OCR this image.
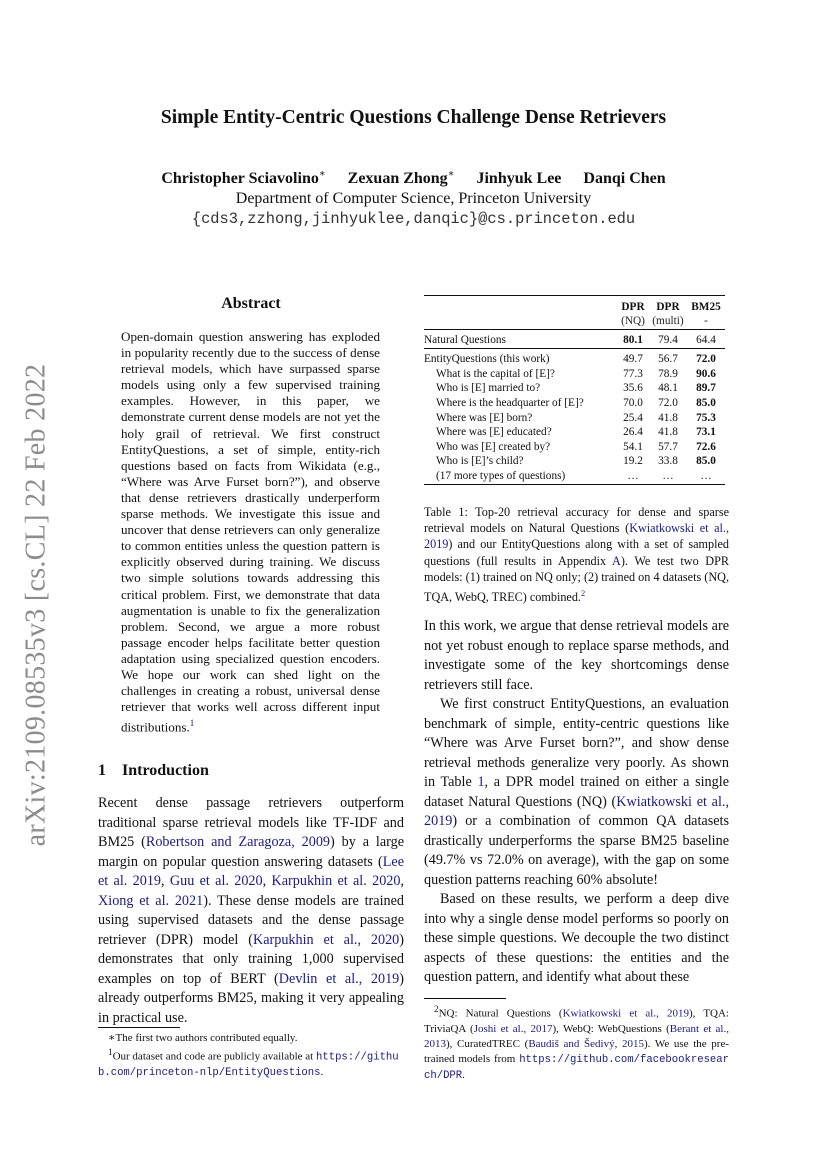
arXiv:2109.08535v3 [cs.CL] 22 Feb 2022
Simple Entity-Centric Questions Challenge Dense Retrievers
Christopher Sciavolino∗ Zexuan Zhong∗ Jinhyuk Lee Danqi Chen
Department of Computer Science, Princeton University
{cds3,zzhong,jinhyuklee,danqic}@cs.princeton.edu
Abstract
Open-domain question answering has exploded in popularity recently due to the success of dense retrieval models, which have surpassed sparse models using only a few supervised training examples. However, in this paper, we demonstrate current dense models are not yet the holy grail of retrieval. We first construct EntityQuestions, a set of simple, entity-rich questions based on facts from Wikidata (e.g., “Where was Arve Furset born?”), and observe that dense retrievers drastically underperform sparse methods. We investigate this issue and uncover that dense retrievers can only generalize to common entities unless the question pattern is explicitly observed during training. We discuss two simple solutions towards addressing this critical problem. First, we demonstrate that data augmentation is unable to fix the generalization problem. Second, we argue a more robust passage encoder helps facilitate better question adaptation using specialized question encoders. We hope our work can shed light on the challenges in creating a robust, universal dense retriever that works well across different input distributions.$^1$
1 Introduction
Recent dense passage retrievers outperform traditional sparse retrieval models like TF-IDF and BM25 (Robertson and Zaragoza, 2009) by a large margin on popular question answering datasets (Lee et al. 2019, Guu et al. 2020, Karpukhin et al. 2020, Xiong et al. 2021). These dense models are trained using supervised datasets and the dense passage retriever (DPR) model (Karpukhin et al., 2020) demonstrates that only training 1,000 supervised examples on top of BERT (Devlin et al., 2019) already outperforms BM25, making it very appealing in practical use.
∗The first two authors contributed equally.
$^1$Our dataset and code are publicly available at https://github.com/princeton-nlp/EntityQuestions.

	DPR	DPR	BM25
	(NQ)	(multi)	-

Natural Questions	80.1	79.4	64.4

EntityQuestions (this work)	49.7	56.7	72.0
What is the capital of [E]?	77.3	78.9	90.6
Who is [E] married to?	35.6	48.1	89.7
Where is the headquarter of [E]?	70.0	72.0	85.0
Where was [E] born?	25.4	41.8	75.3
Where was [E] educated?	26.4	41.8	73.1
Who was [E] created by?	54.1	57.7	72.6
Who is [E]’s child?	19.2	33.8	85.0
(17 more types of questions)	…	…	…

Table 1: Top-20 retrieval accuracy for dense and sparse retrieval models on Natural Questions (Kwiatkowski et al., 2019) and our EntityQuestions along with a set of sampled questions (full results in Appendix A). We test two DPR models: (1) trained on NQ only; (2) trained on 4 datasets (NQ, TQA, WebQ, TREC) combined.$^2$

In this work, we argue that dense retrieval models are not yet robust enough to replace sparse methods, and investigate some of the key shortcomings dense retrievers still face.

We first construct EntityQuestions, an evaluation benchmark of simple, entity-centric questions like “Where was Arve Furset born?”, and show dense retrieval methods generalize very poorly. As shown in Table 1, a DPR model trained on either a single dataset Natural Questions (NQ) (Kwiatkowski et al., 2019) or a combination of common QA datasets drastically underperforms the sparse BM25 baseline (49.7% vs 72.0% on average), with the gap on some question patterns reaching 60% absolute!

Based on these results, we perform a deep dive into why a single dense model performs so poorly on these simple questions. We decouple the two distinct aspects of these questions: the entities and the question pattern, and identify what about these

$^2$NQ: Natural Questions (Kwiatkowski et al., 2019), TQA: TriviaQA (Joshi et al., 2017), WebQ: WebQuestions (Berant et al., 2013), CuratedTREC (Baudiš and Šedivý, 2015). We use the pre-trained models from https://github.com/facebookresearch/DPR.
